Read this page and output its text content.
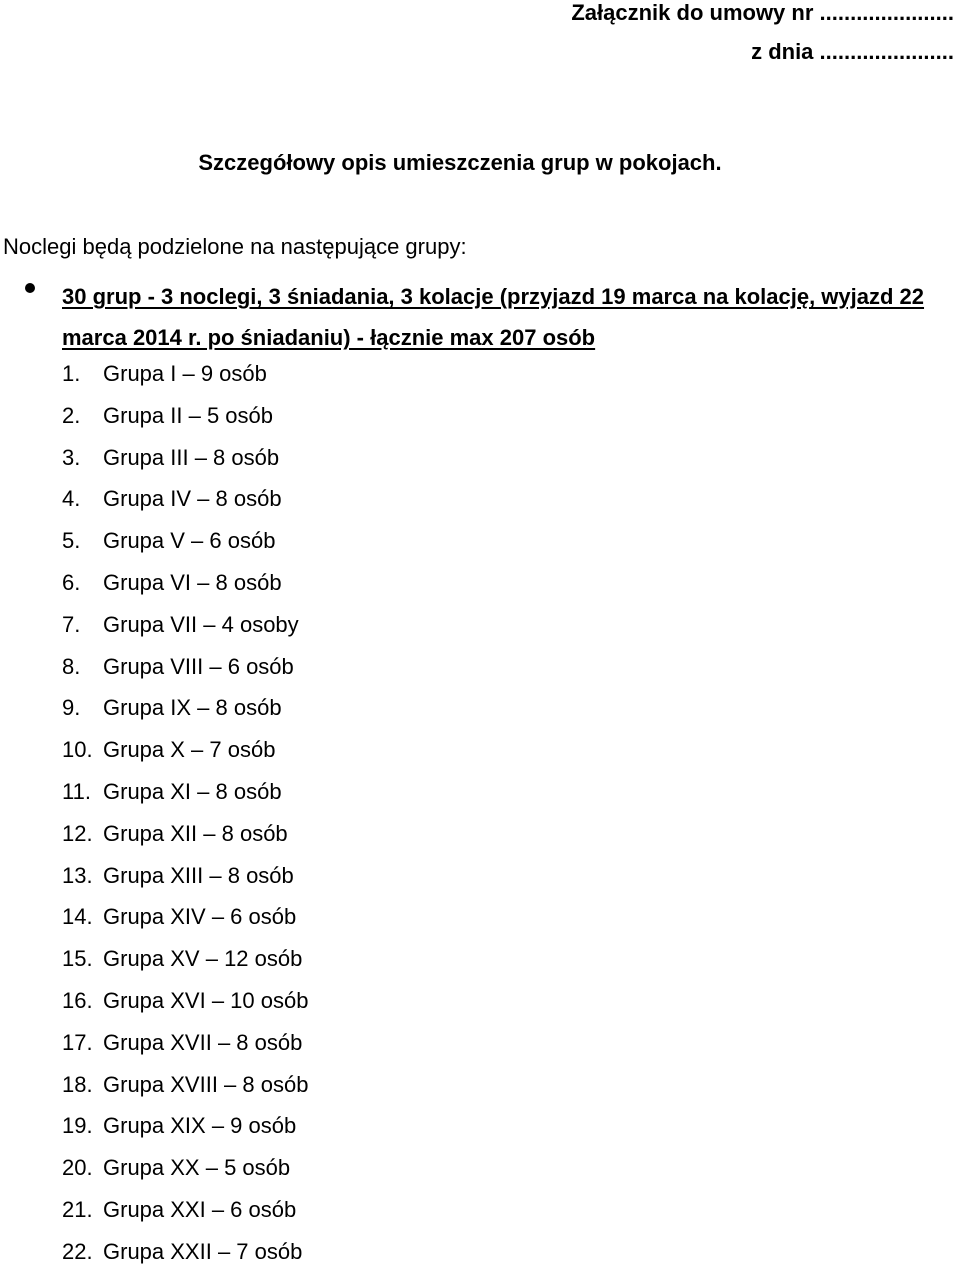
Załącznik do umowy nr ......................
z dnia ......................
Szczegółowy opis umieszczenia grup w pokojach.
Noclegi będą podzielone na następujące grupy:
30 grup - 3 noclegi, 3 śniadania, 3 kolacje (przyjazd 19 marca na kolację, wyjazd 22 marca 2014 r. po śniadaniu) - łącznie max 207 osób
1. Grupa I – 9 osób
2. Grupa II – 5 osób
3. Grupa III – 8 osób
4. Grupa IV – 8 osób
5. Grupa V – 6 osób
6. Grupa VI – 8 osób
7. Grupa VII – 4 osoby
8. Grupa VIII – 6 osób
9. Grupa IX – 8 osób
10. Grupa X – 7 osób
11. Grupa XI – 8 osób
12. Grupa XII – 8 osób
13. Grupa XIII – 8 osób
14. Grupa XIV – 6 osób
15. Grupa XV – 12 osób
16. Grupa XVI – 10 osób
17. Grupa XVII – 8 osób
18. Grupa XVIII – 8 osób
19. Grupa XIX – 9 osób
20. Grupa XX – 5 osób
21. Grupa XXI – 6 osób
22. Grupa XXII – 7 osób
